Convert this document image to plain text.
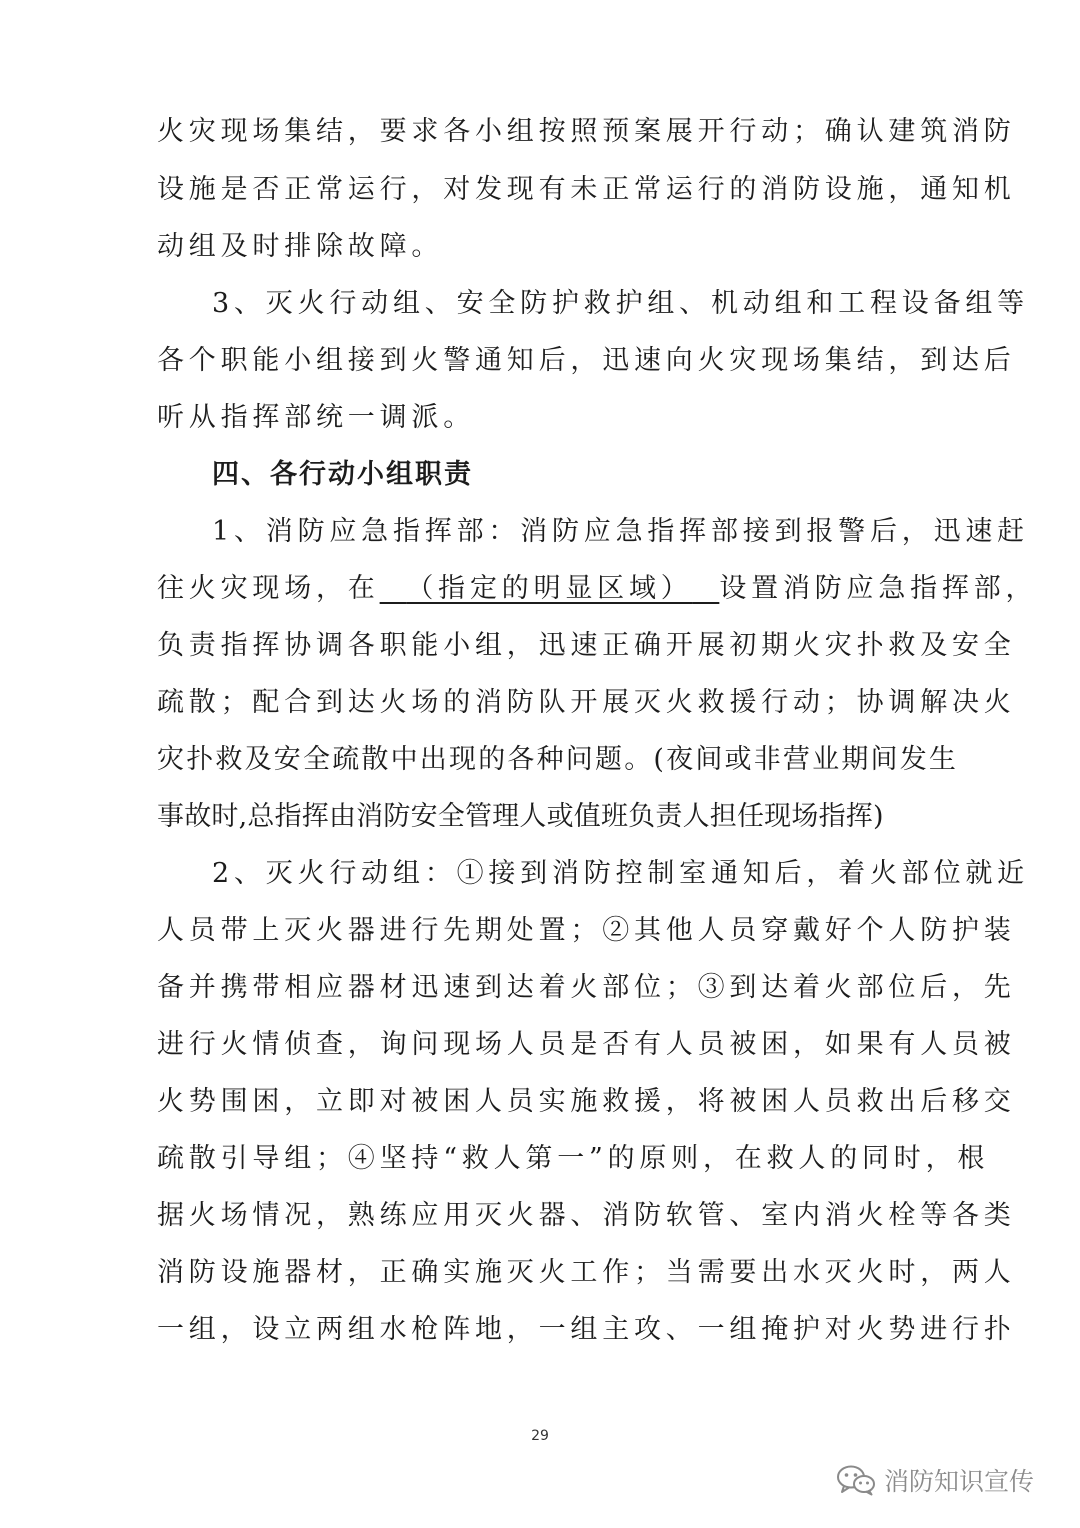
火灾现场集结，要求各小组按照预案展开行动；确认建筑消防
设施是否正常运行，对发现有未正常运行的消防设施，通知机
动组及时排除故障。
3、灭火行动组、安全防护救护组、机动组和工程设备组等
各个职能小组接到火警通知后，迅速向火灾现场集结，到达后
听从指挥部统一调派。
四、各行动小组职责
1、消防应急指挥部：消防应急指挥部接到报警后，迅速赶
往火灾现场，在 （指定的明显区域） 设置消防应急指挥部，
负责指挥协调各职能小组，迅速正确开展初期火灾扑救及安全
疏散；配合到达火场的消防队开展灭火救援行动；协调解决火
灾扑救及安全疏散中出现的各种问题。(夜间或非营业期间发生
事故时,总指挥由消防安全管理人或值班负责人担任现场指挥)
2、灭火行动组：①接到消防控制室通知后，着火部位就近
人员带上灭火器进行先期处置；②其他人员穿戴好个人防护装
备并携带相应器材迅速到达着火部位；③到达着火部位后，先
进行火情侦查，询问现场人员是否有人员被困，如果有人员被
火势围困，立即对被困人员实施救援，将被困人员救出后移交
疏散引导组；④坚持“救人第一”的原则，在救人的同时，根
据火场情况，熟练应用灭火器、消防软管、室内消火栓等各类
消防设施器材，正确实施灭火工作；当需要出水灭火时，两人
一组，设立两组水枪阵地，一组主攻、一组掩护对火势进行扑
29
消防知识宣传
